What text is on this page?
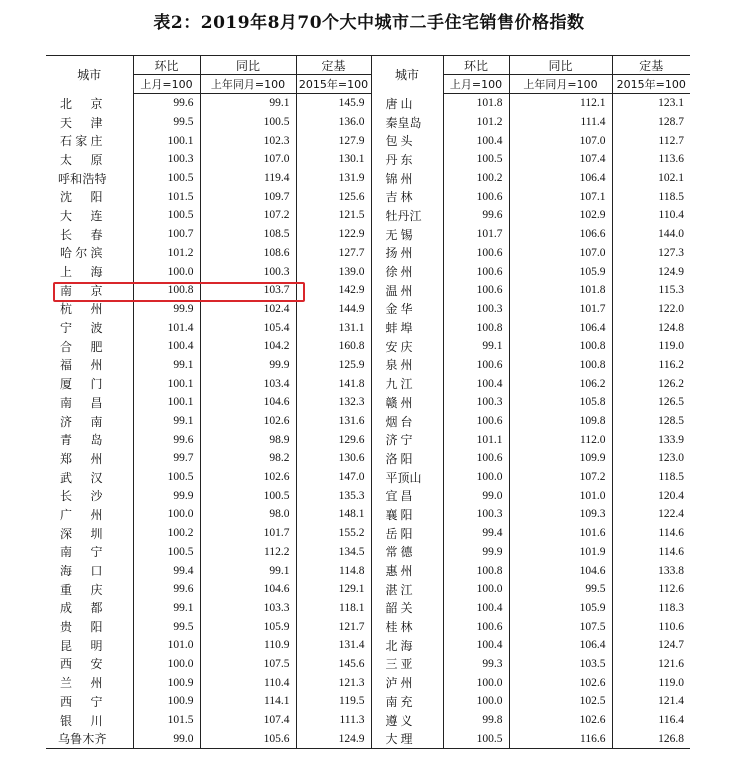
表2：2019年8月70个大中城市二手住宅销售价格指数
城市	环比	同比	定基	城市	环比	同比	定基
	上月=100	上年同月=100	2015年=100		上月=100	上年同月=100	2015年=100
北京	99.6	99.1	145.9	唐山	101.8	112.1	123.1
天津	99.5	100.5	136.0	秦皇岛	101.2	111.4	128.7
石家庄	100.1	102.3	127.9	包头	100.4	107.0	112.7
太原	100.3	107.0	130.1	丹东	100.5	107.4	113.6
呼和浩特	100.5	119.4	131.9	锦州	100.2	106.4	102.1
沈阳	101.5	109.7	125.6	吉林	100.6	107.1	118.5
大连	100.5	107.2	121.5	牡丹江	99.6	102.9	110.4
长春	100.7	108.5	122.9	无锡	101.7	106.6	144.0
哈尔滨	101.2	108.6	127.7	扬州	100.6	107.0	127.3
上海	100.0	100.3	139.0	徐州	100.6	105.9	124.9
南京	100.8	103.7	142.9	温州	100.6	101.8	115.3
杭州	99.9	102.4	144.9	金华	100.3	101.7	122.0
宁波	101.4	105.4	131.1	蚌埠	100.8	106.4	124.8
合肥	100.4	104.2	160.8	安庆	99.1	100.8	119.0
福州	99.1	99.9	125.9	泉州	100.6	100.8	116.2
厦门	100.1	103.4	141.8	九江	100.4	106.2	126.2
南昌	100.1	104.6	132.3	赣州	100.3	105.8	126.5
济南	99.1	102.6	131.6	烟台	100.6	109.8	128.5
青岛	99.6	98.9	129.6	济宁	101.1	112.0	133.9
郑州	99.7	98.2	130.6	洛阳	100.6	109.9	123.0
武汉	100.5	102.6	147.0	平顶山	100.0	107.2	118.5
长沙	99.9	100.5	135.3	宜昌	99.0	101.0	120.4
广州	100.0	98.0	148.1	襄阳	100.3	109.3	122.4
深圳	100.2	101.7	155.2	岳阳	99.4	101.6	114.6
南宁	100.5	112.2	134.5	常德	99.9	101.9	114.6
海口	99.4	99.1	114.8	惠州	100.8	104.6	133.8
重庆	99.6	104.6	129.1	湛江	100.0	99.5	112.6
成都	99.1	103.3	118.1	韶关	100.4	105.9	118.3
贵阳	99.5	105.9	121.7	桂林	100.6	107.5	110.6
昆明	101.0	110.9	131.4	北海	100.4	106.4	124.7
西安	100.0	107.5	145.6	三亚	99.3	103.5	121.6
兰州	100.9	110.4	121.3	泸州	100.0	102.6	119.0
西宁	100.9	114.1	119.5	南充	100.0	102.5	121.4
银川	101.5	107.4	111.3	遵义	99.8	102.6	116.4
乌鲁木齐	99.0	105.6	124.9	大理	100.5	116.6	126.8
